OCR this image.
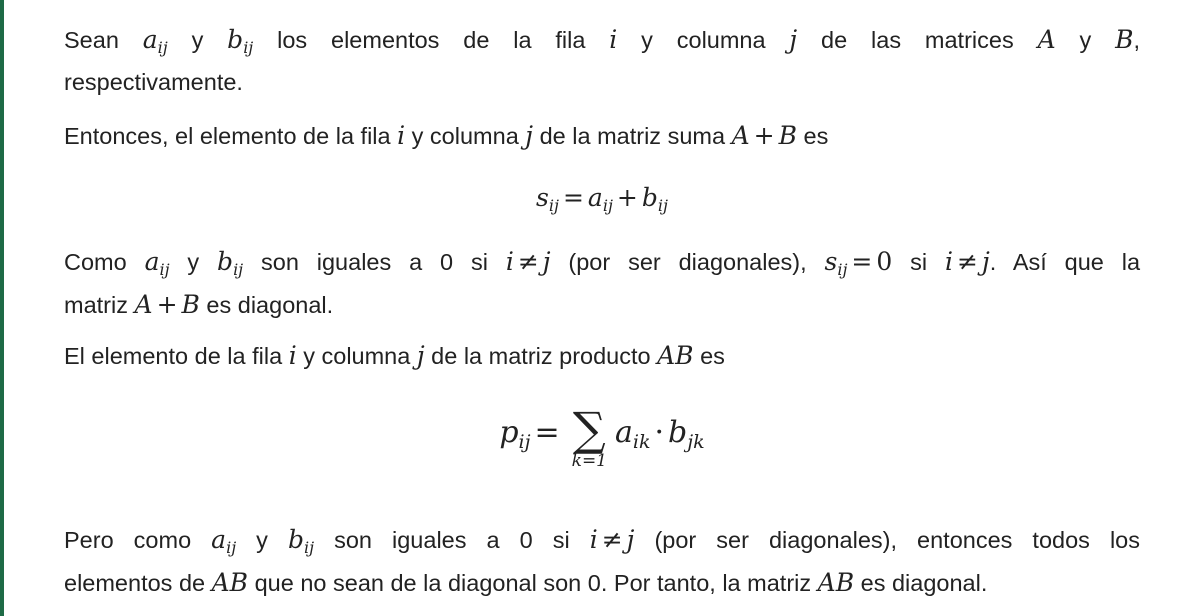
Sean $a_{ij}$ y $b_{ij}$ los elementos de la fila i y columna j de las matrices A y B,
respectivamente.

Entonces, el elemento de la fila i y columna j de la matriz suma A + B es

sij = aij + bij

Como $a_{ij}$ y $b_{ij}$ son iguales a 0 si i ≠ j (por ser diagonales), $s_{ij} = 0$ si i ≠ j. Así que la
matriz A + B es diagonal.

El elemento de la fila i y columna j de la matriz producto AB es

pij = ∑
k=1
aik · bjk

Pero como $a_{ij}$ y $b_{ij}$ son iguales a 0 si i ≠ j (por ser diagonales), entonces todos los
elementos de AB que no sean de la diagonal son 0. Por tanto, la matriz AB es diagonal.
